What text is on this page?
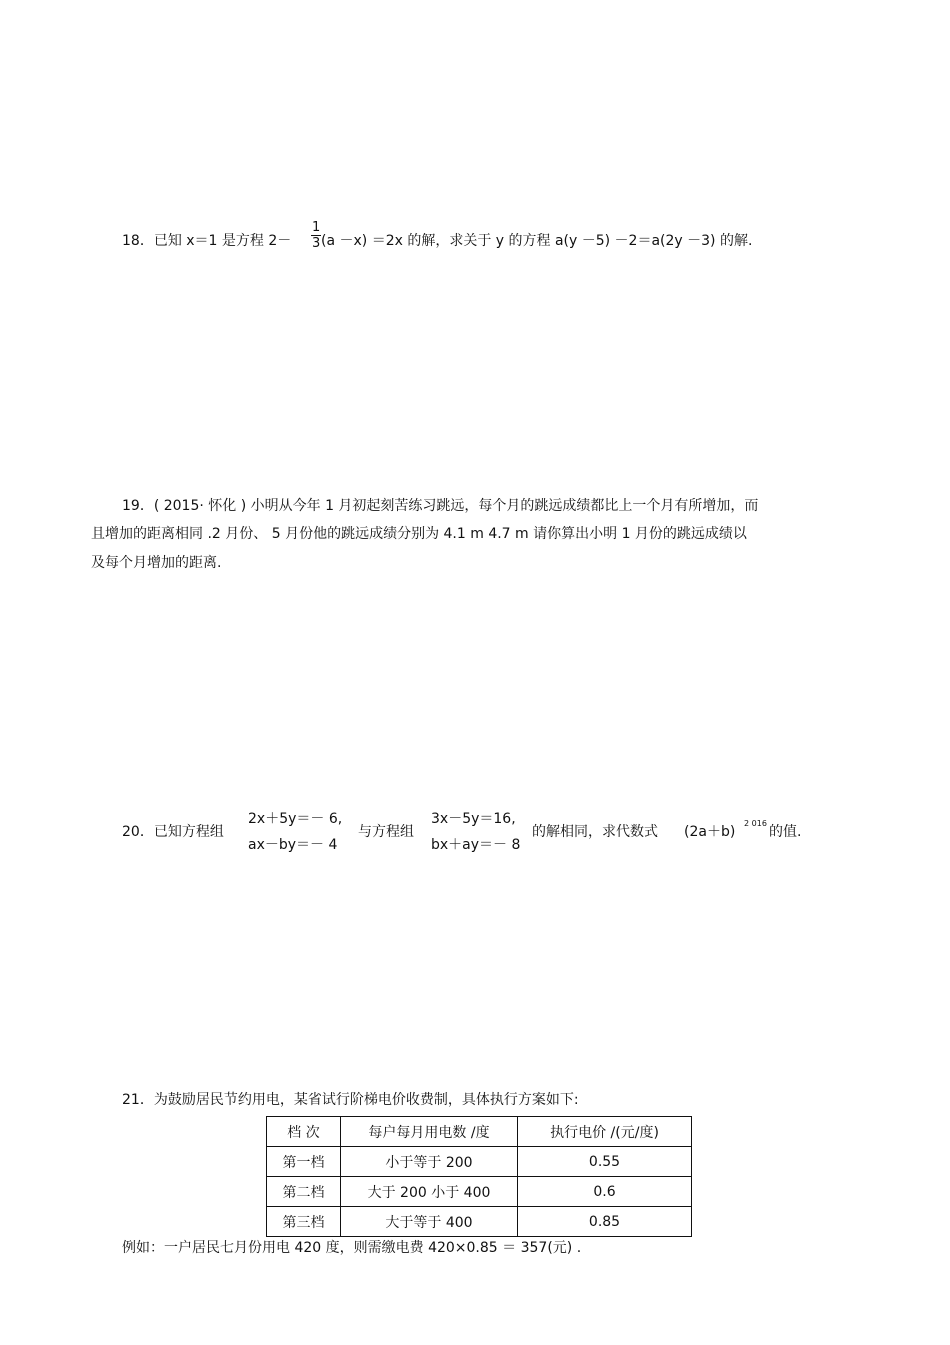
18．已知 x＝1 是方程 $2- \frac{1}{3} (a -x) =2x$ 的解，求关于 y 的方程 a(y －5) －2＝a(2y －3) 的解.
19．( 2015· 怀化 ) 小明从今年 1 月初起刻苦练习跳远，每个月的跳远成绩都比上一个月有所增加，而
且增加的距离相同 .2 月份、 5 月份他的跳远成绩分别为 4.1 m 4.7 m 请你算出小明 1 月份的跳远成绩以
及每个月增加的距离.
20．已知方程组
2x＋5y＝－ 6,
ax－by＝－ 4
与方程组
3x－5y＝16,
bx＋ay＝－ 8
的解相同，求代数式 (2a＋b)
2 016
的值.
21．为鼓励居民节约用电，某省试行阶梯电价收费制，具体执行方案如下:
档 次	每户每月用电数 /度	执行电价 /(元/度)
第一档	小于等于 200	0.55
第二档	大于 200 小于 400	0.6
第三档	大于等于 400	0.85
例如：一户居民七月份用电 420 度，则需缴电费 420×0.85 ＝ 357(元) .
